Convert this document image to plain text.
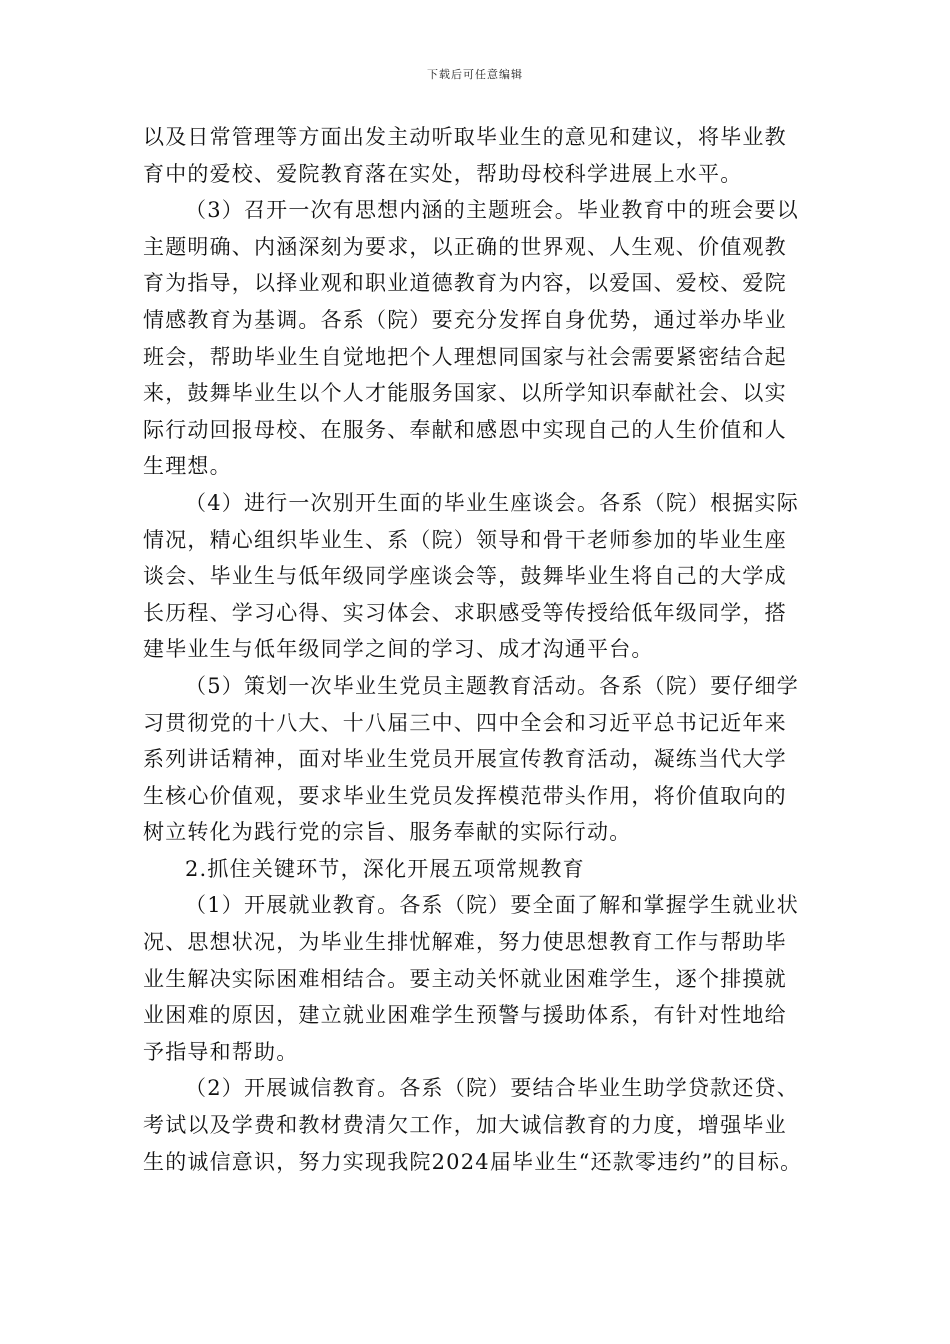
下载后可任意编辑
以及日常管理等方面出发主动听取毕业生的意见和建议，将毕业教
育中的爱校、爱院教育落在实处，帮助母校科学进展上水平。
（3）召开一次有思想内涵的主题班会。毕业教育中的班会要以
主题明确、内涵深刻为要求，以正确的世界观、人生观、价值观教
育为指导，以择业观和职业道德教育为内容，以爱国、爱校、爱院
情感教育为基调。各系（院）要充分发挥自身优势，通过举办毕业
班会，帮助毕业生自觉地把个人理想同国家与社会需要紧密结合起
来，鼓舞毕业生以个人才能服务国家、以所学知识奉献社会、以实
际行动回报母校、在服务、奉献和感恩中实现自己的人生价值和人
生理想。
（4）进行一次别开生面的毕业生座谈会。各系（院）根据实际
情况，精心组织毕业生、系（院）领导和骨干老师参加的毕业生座
谈会、毕业生与低年级同学座谈会等，鼓舞毕业生将自己的大学成
长历程、学习心得、实习体会、求职感受等传授给低年级同学，搭
建毕业生与低年级同学之间的学习、成才沟通平台。
（5）策划一次毕业生党员主题教育活动。各系（院）要仔细学
习贯彻党的十八大、十八届三中、四中全会和习近平总书记近年来
系列讲话精神，面对毕业生党员开展宣传教育活动，凝练当代大学
生核心价值观，要求毕业生党员发挥模范带头作用，将价值取向的
树立转化为践行党的宗旨、服务奉献的实际行动。
2.抓住关键环节，深化开展五项常规教育
（1）开展就业教育。各系（院）要全面了解和掌握学生就业状
况、思想状况，为毕业生排忧解难，努力使思想教育工作与帮助毕
业生解决实际困难相结合。要主动关怀就业困难学生，逐个排摸就
业困难的原因，建立就业困难学生预警与援助体系，有针对性地给
予指导和帮助。
（2）开展诚信教育。各系（院）要结合毕业生助学贷款还贷、
考试以及学费和教材费清欠工作，加大诚信教育的力度，增强毕业
生的诚信意识，努力实现我院2024届毕业生“还款零违约”的目标。
